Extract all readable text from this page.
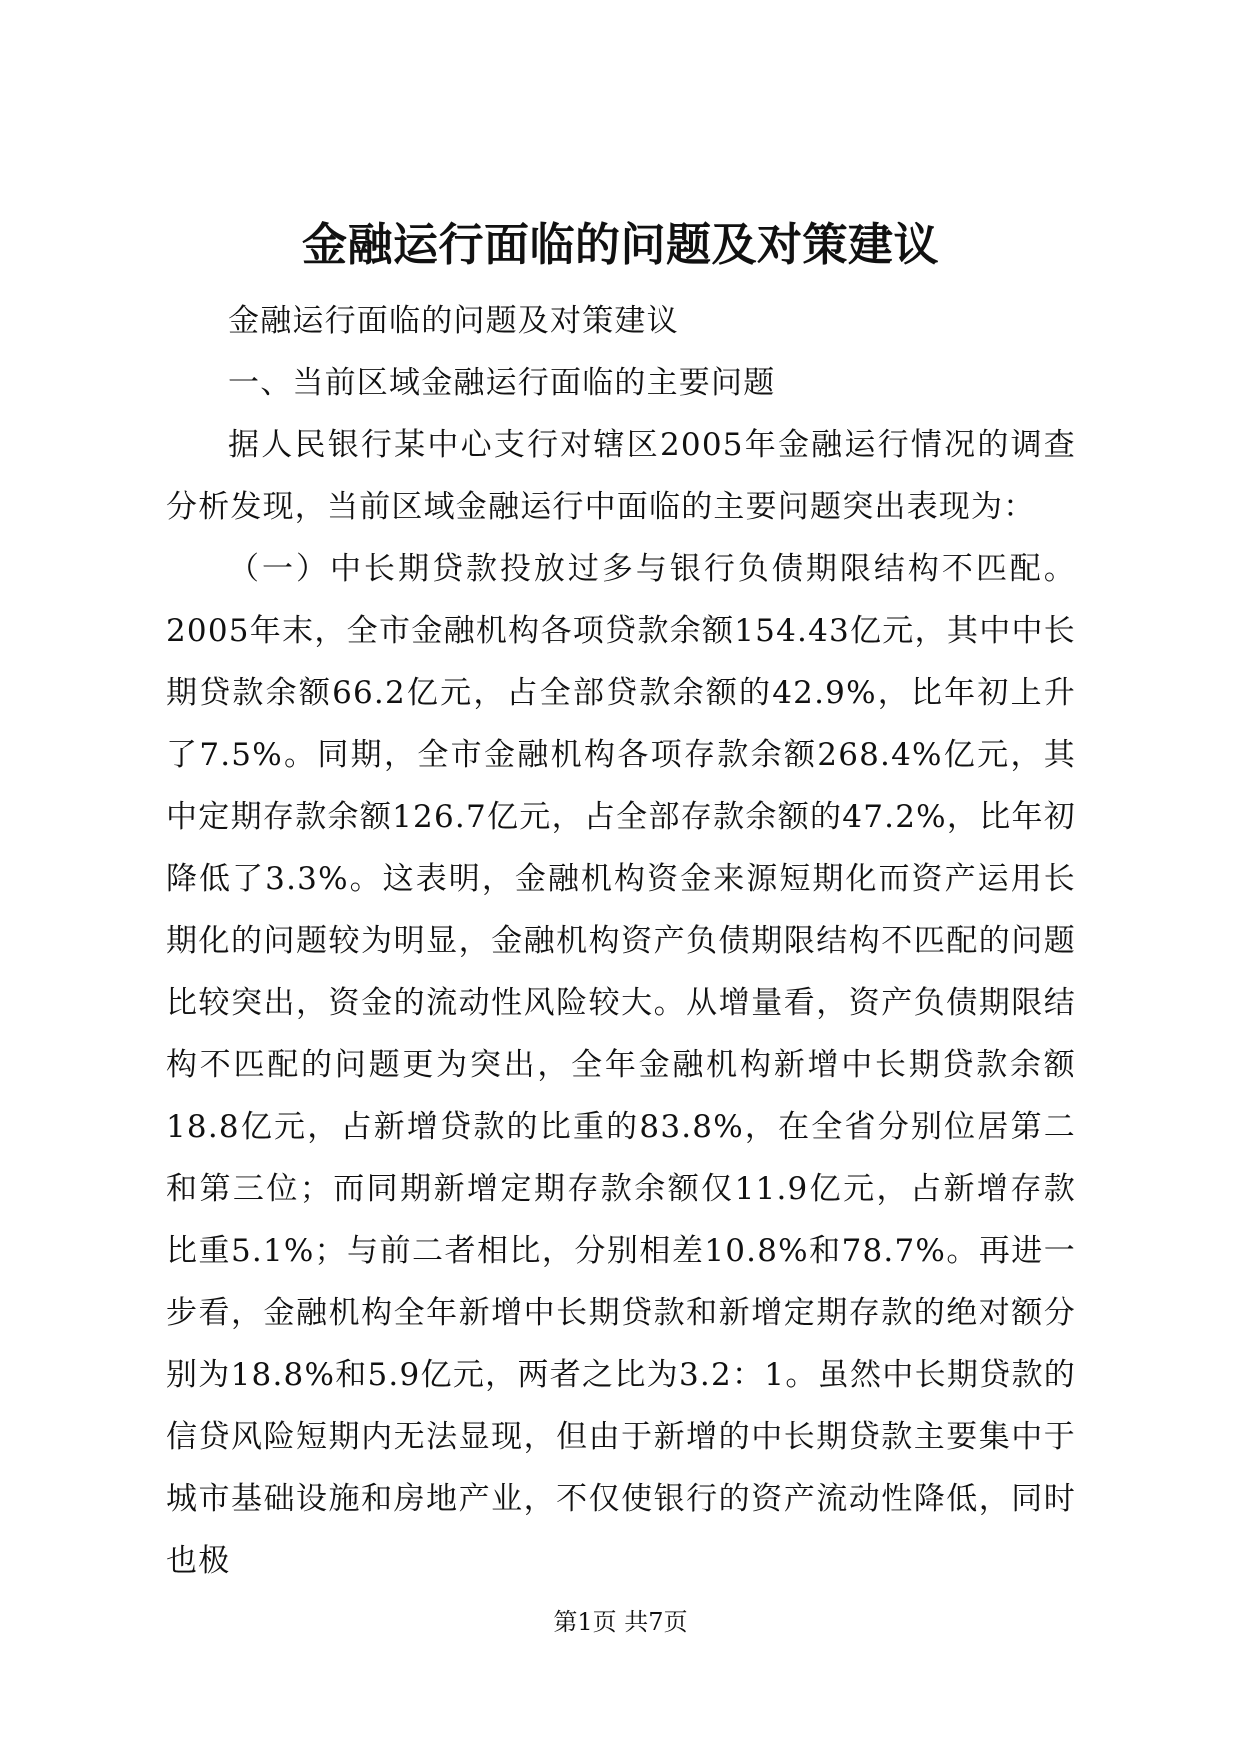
金融运行面临的问题及对策建议

金融运行面临的问题及对策建议

一、当前区域金融运行面临的主要问题

据人民银行某中心支行对辖区2005年金融运行情况的调查分析发现，当前区域金融运行中面临的主要问题突出表现为：

（一）中长期贷款投放过多与银行负债期限结构不匹配。2005年末，全市金融机构各项贷款余额154.43亿元，其中中长期贷款余额66.2亿元，占全部贷款余额的42.9%，比年初上升了7.5%。同期，全市金融机构各项存款余额268.4%亿元，其中定期存款余额126.7亿元，占全部存款余额的47.2%，比年初降低了3.3%。这表明，金融机构资金来源短期化而资产运用长期化的问题较为明显，金融机构资产负债期限结构不匹配的问题比较突出，资金的流动性风险较大。从增量看，资产负债期限结构不匹配的问题更为突出，全年金融机构新增中长期贷款余额18.8亿元，占新增贷款的比重的83.8%，在全省分别位居第二和第三位；而同期新增定期存款余额仅11.9亿元，占新增存款比重5.1%；与前二者相比，分别相差10.8%和78.7%。再进一步看，金融机构全年新增中长期贷款和新增定期存款的绝对额分别为18.8%和5.9亿元，两者之比为3.2：1。虽然中长期贷款的信贷风险短期内无法显现，但由于新增的中长期贷款主要集中于城市基础设施和房地产业，不仅使银行的资产流动性降低，同时也极

第1页 共7页
